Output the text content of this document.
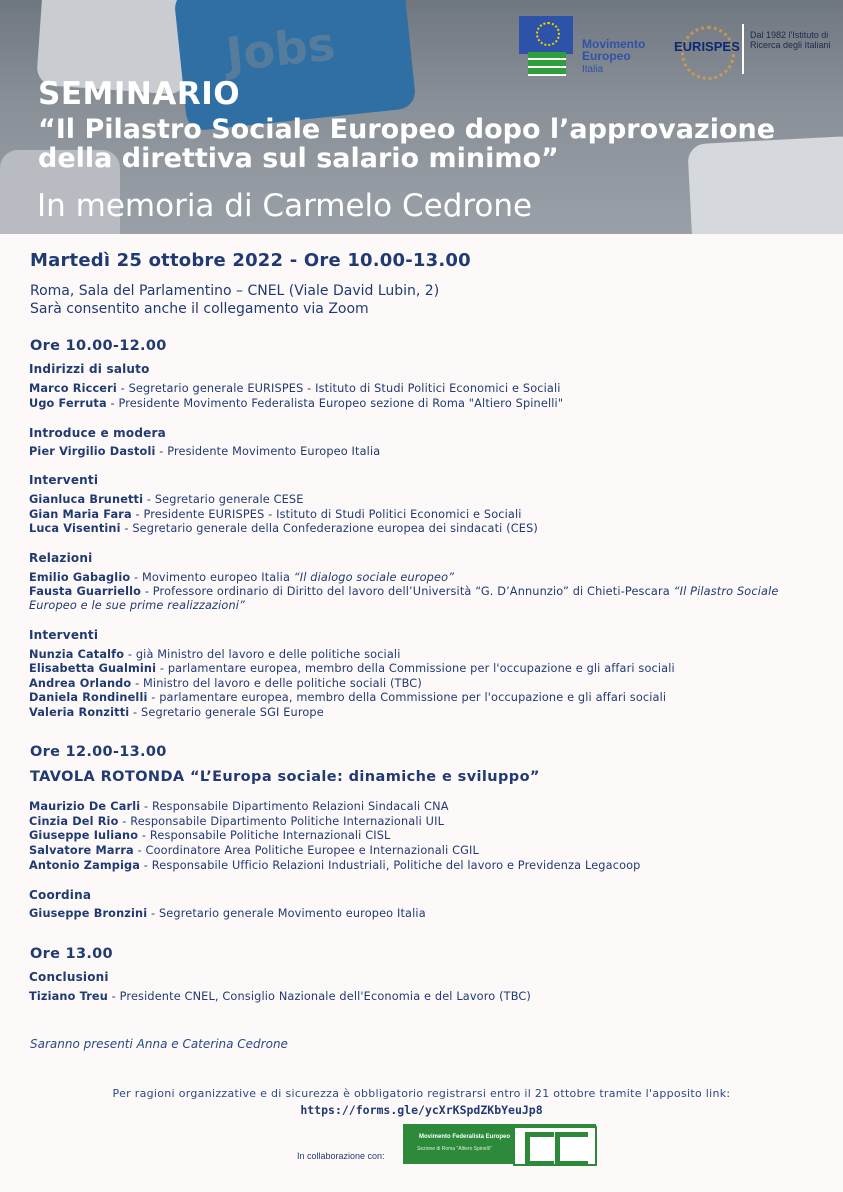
Jobs	Movimento
Europeo
Italia
EURISPES
Dal 1982 l'Istituto di Ricerca degli Italiani
SEMINARIO
“Il Pilastro Sociale Europeo dopo l’approvazione
della direttiva sul salario minimo”
In memoria di Carmelo Cedrone
Martedì 25 ottobre 2022 - Ore 10.00-13.00
Roma, Sala del Parlamentino – CNEL (Viale David Lubin, 2)
Sarà consentito anche il collegamento via Zoom
Ore 10.00-12.00
Indirizzi di saluto
Marco Ricceri - Segretario generale EURISPES - Istituto di Studi Politici Economici e Sociali
Ugo Ferruta - Presidente Movimento Federalista Europeo sezione di Roma "Altiero Spinelli"
Introduce e modera
Pier Virgilio Dastoli - Presidente Movimento Europeo Italia
Interventi
Gianluca Brunetti - Segretario generale CESE
Gian Maria Fara - Presidente EURISPES - Istituto di Studi Politici Economici e Sociali
Luca Visentini - Segretario generale della Confederazione europea dei sindacati (CES)
Relazioni
Emilio Gabaglio - Movimento europeo Italia “Il dialogo sociale europeo”
Fausta Guarriello - Professore ordinario di Diritto del lavoro dell’Università “G. D’Annunzio” di Chieti-Pescara “Il Pilastro Sociale Europeo e le sue prime realizzazioni”
Interventi
Nunzia Catalfo - già Ministro del lavoro e delle politiche sociali
Elisabetta Gualmini - parlamentare europea, membro della Commissione per l'occupazione e gli affari sociali
Andrea Orlando - Ministro del lavoro e delle politiche sociali (TBC)
Daniela Rondinelli - parlamentare europea, membro della Commissione per l'occupazione e gli affari sociali
Valeria Ronzitti - Segretario generale SGI Europe
Ore 12.00-13.00
TAVOLA ROTONDA “L’Europa sociale: dinamiche e sviluppo”
Maurizio De Carli - Responsabile Dipartimento Relazioni Sindacali CNA
Cinzia Del Rio - Responsabile Dipartimento Politiche Internazionali UIL
Giuseppe Iuliano - Responsabile Politiche Internazionali CISL
Salvatore Marra - Coordinatore Area Politiche Europee e Internazionali CGIL
Antonio Zampiga - Responsabile Ufficio Relazioni Industriali, Politiche del lavoro e Previdenza Legacoop
Coordina
Giuseppe Bronzini - Segretario generale Movimento europeo Italia
Ore 13.00
Conclusioni
Tiziano Treu - Presidente CNEL, Consiglio Nazionale dell'Economia e del Lavoro (TBC)
Saranno presenti Anna e Caterina Cedrone
Per ragioni organizzative e di sicurezza è obbligatorio registrarsi entro il 21 ottobre tramite l'apposito link:
https://forms.gle/ycXrKSpdZKbYeuJp8
In collaborazione con:
Movimento Federalista Europeo
Sezione di Roma "Altiero Spinelli"
